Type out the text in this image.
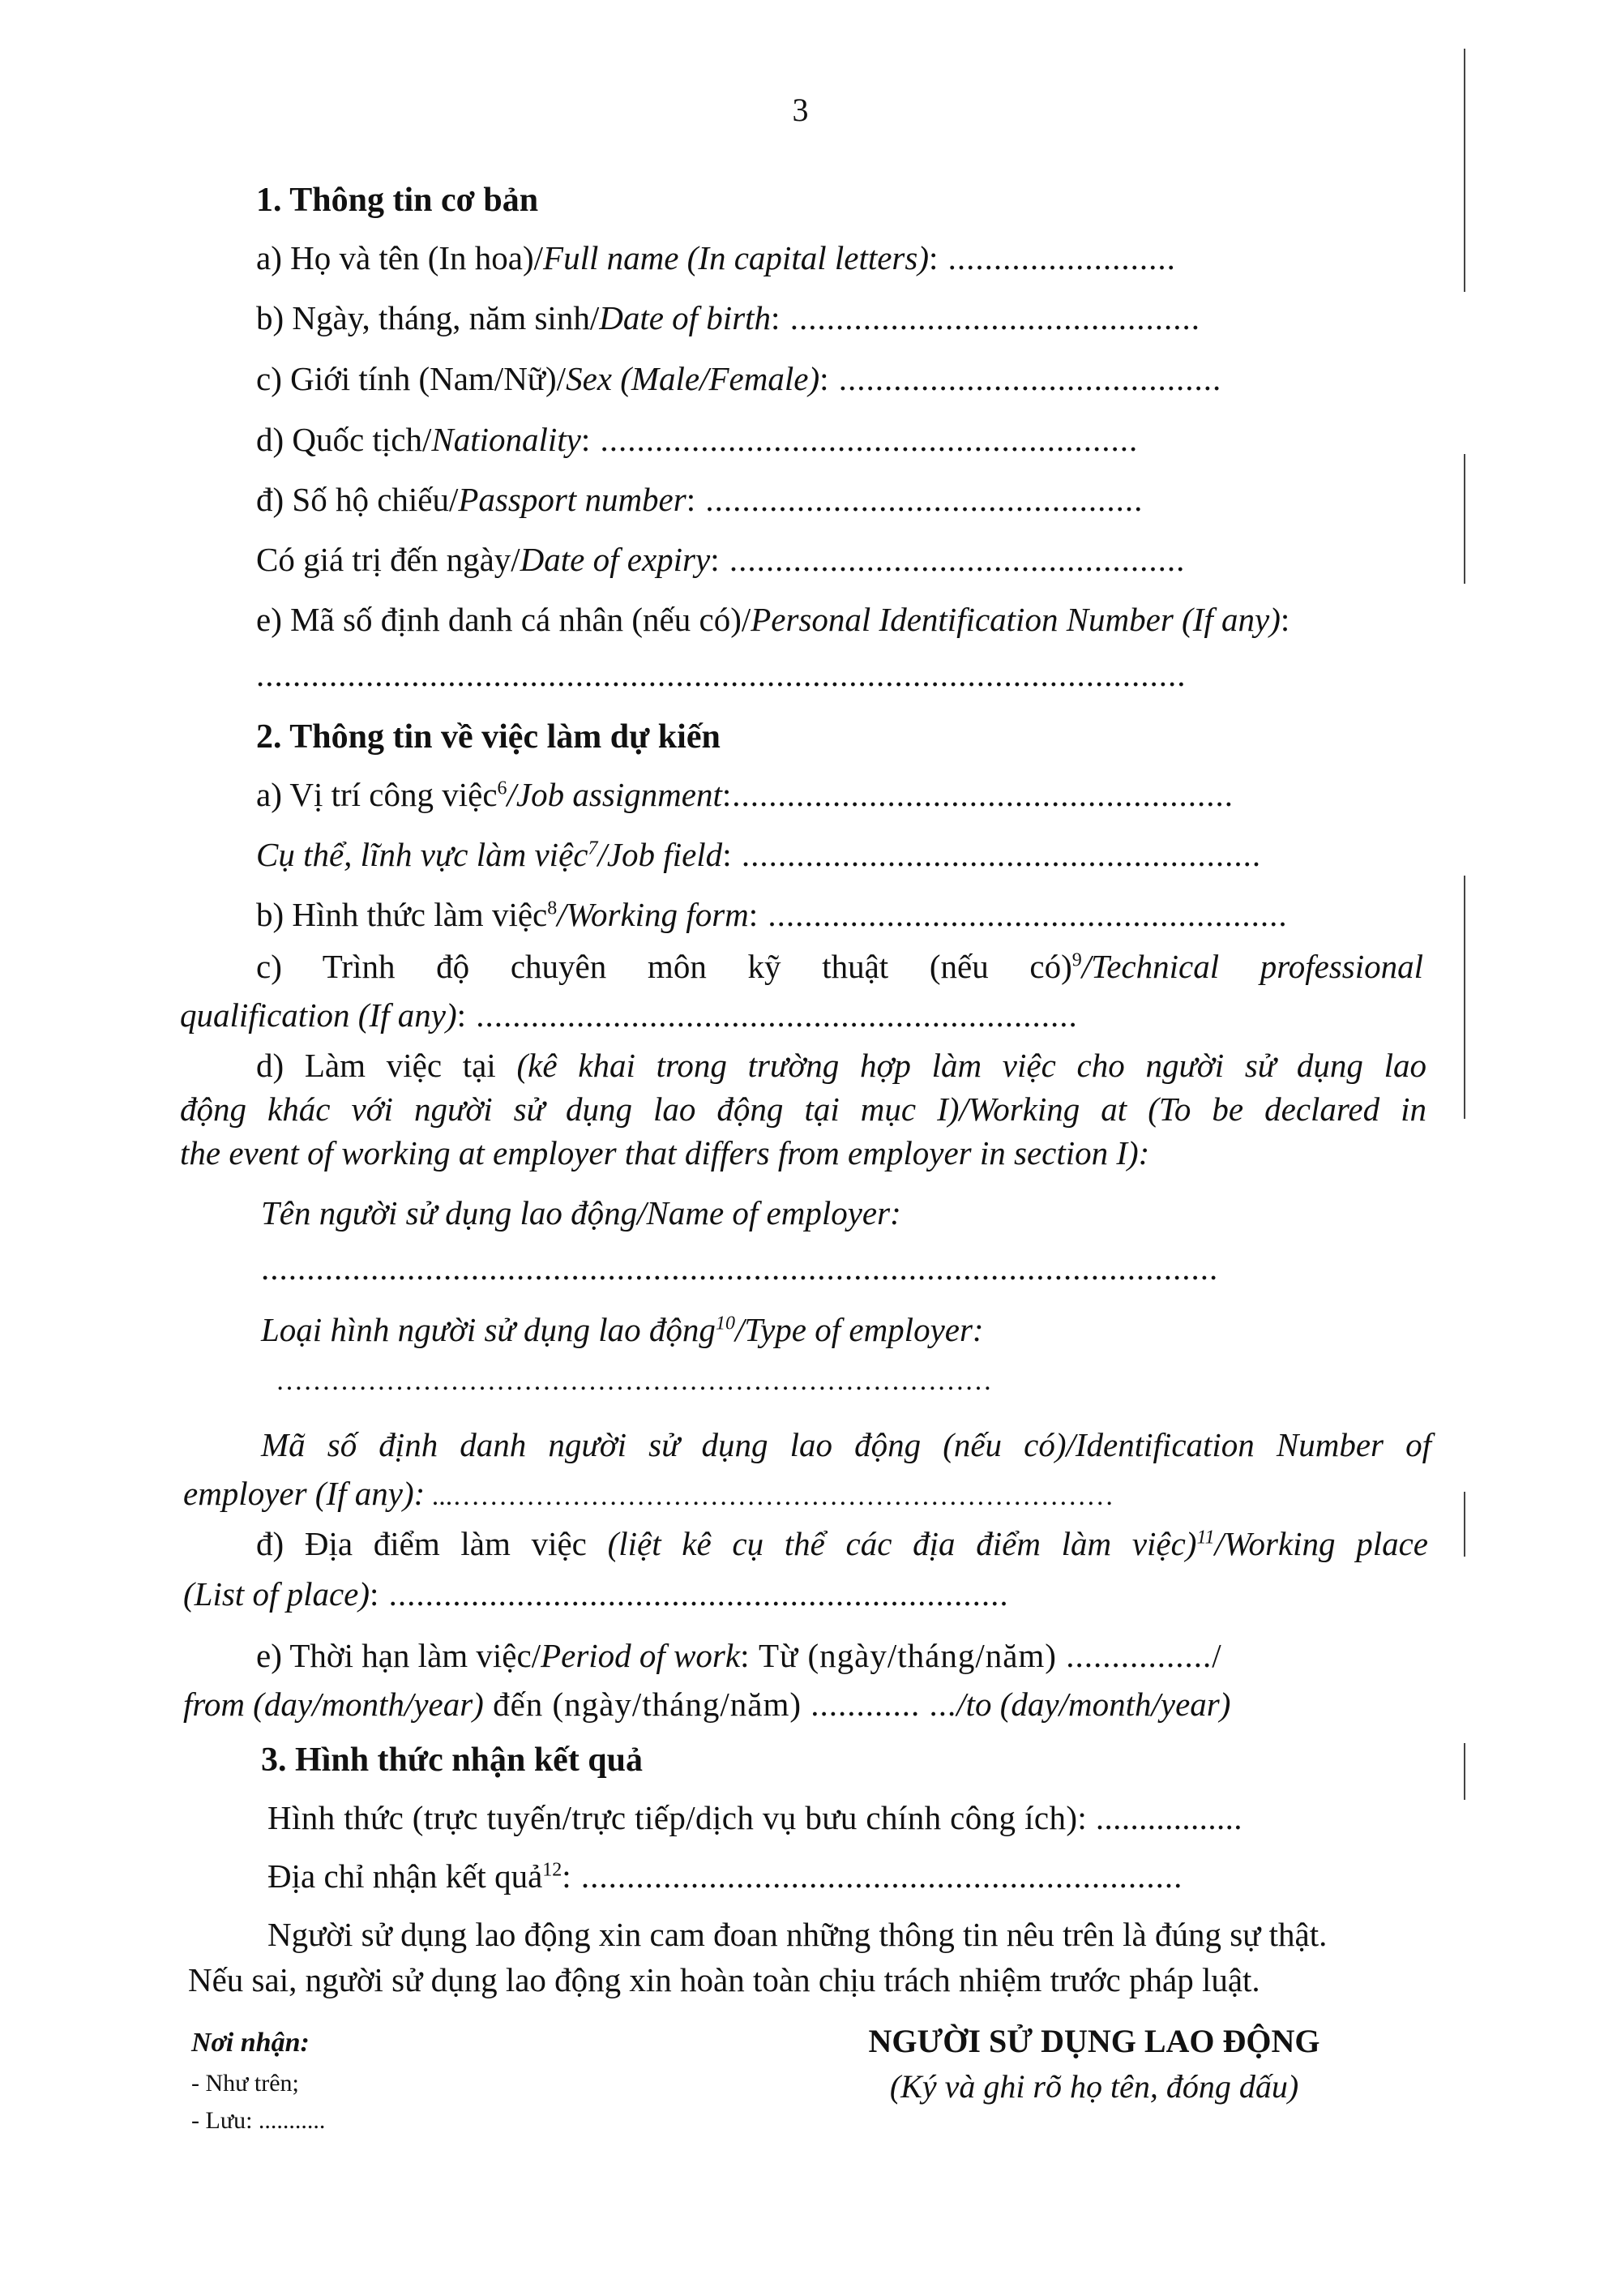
3
1. Thông tin cơ bản
a) Họ và tên (In hoa)/Full name (In capital letters): .........................
b) Ngày, tháng, năm sinh/Date of birth: .............................................
c) Giới tính (Nam/Nữ)/Sex (Male/Female): ..........................................
d) Quốc tịch/Nationality: ...........................................................
đ) Số hộ chiếu/Passport number: ................................................
Có giá trị đến ngày/Date of expiry: ..................................................
e) Mã số định danh cá nhân (nếu có)/Personal Identification Number (If any):
......................................................................................................
2. Thông tin về việc làm dự kiến
a) Vị trí công việc$^6$/Job assignment:.......................................................
Cụ thể, lĩnh vực làm việc$^7$/Job field: .........................................................
b) Hình thức làm việc$^8$/Working form: .........................................................
c) Trình độ chuyên môn kỹ thuật (nếu có)$^9$/Technical professional
qualification (If any): ..................................................................
d) Làm việc tại (kê khai trong trường hợp làm việc cho người sử dụng lao
động khác với người sử dụng lao động tại mục I)/Working at (To be declared in
the event of working at employer that differs from employer in section I):
Tên người sử dụng lao động/Name of employer:
.........................................................................................................
Loại hình người sử dụng lao động$^{10}$/Type of employer:
……………………………………………………………………
Mã số định danh người sử dụng lao động (nếu có)/Identification Number of
employer (If any): ...………………………………………………………………
đ) Địa điểm làm việc (liệt kê cụ thể các địa điểm làm việc)$^{11}$/Working place
(List of place): ....................................................................
e) Thời hạn làm việc/Period of work: Từ (ngày/tháng/năm) ................/
from (day/month/year) đến (ngày/tháng/năm) ............ .../to (day/month/year)
3. Hình thức nhận kết quả
Hình thức (trực tuyến/trực tiếp/dịch vụ bưu chính công ích): .................
Địa chỉ nhận kết quả$^{12}$: ..................................................................
Người sử dụng lao động xin cam đoan những thông tin nêu trên là đúng sự thật.
Nếu sai, người sử dụng lao động xin hoàn toàn chịu trách nhiệm trước pháp luật.
Nơi nhận:
- Như trên;
- Lưu: ...........
NGƯỜI SỬ DỤNG LAO ĐỘNG
(Ký và ghi rõ họ tên, đóng dấu)
